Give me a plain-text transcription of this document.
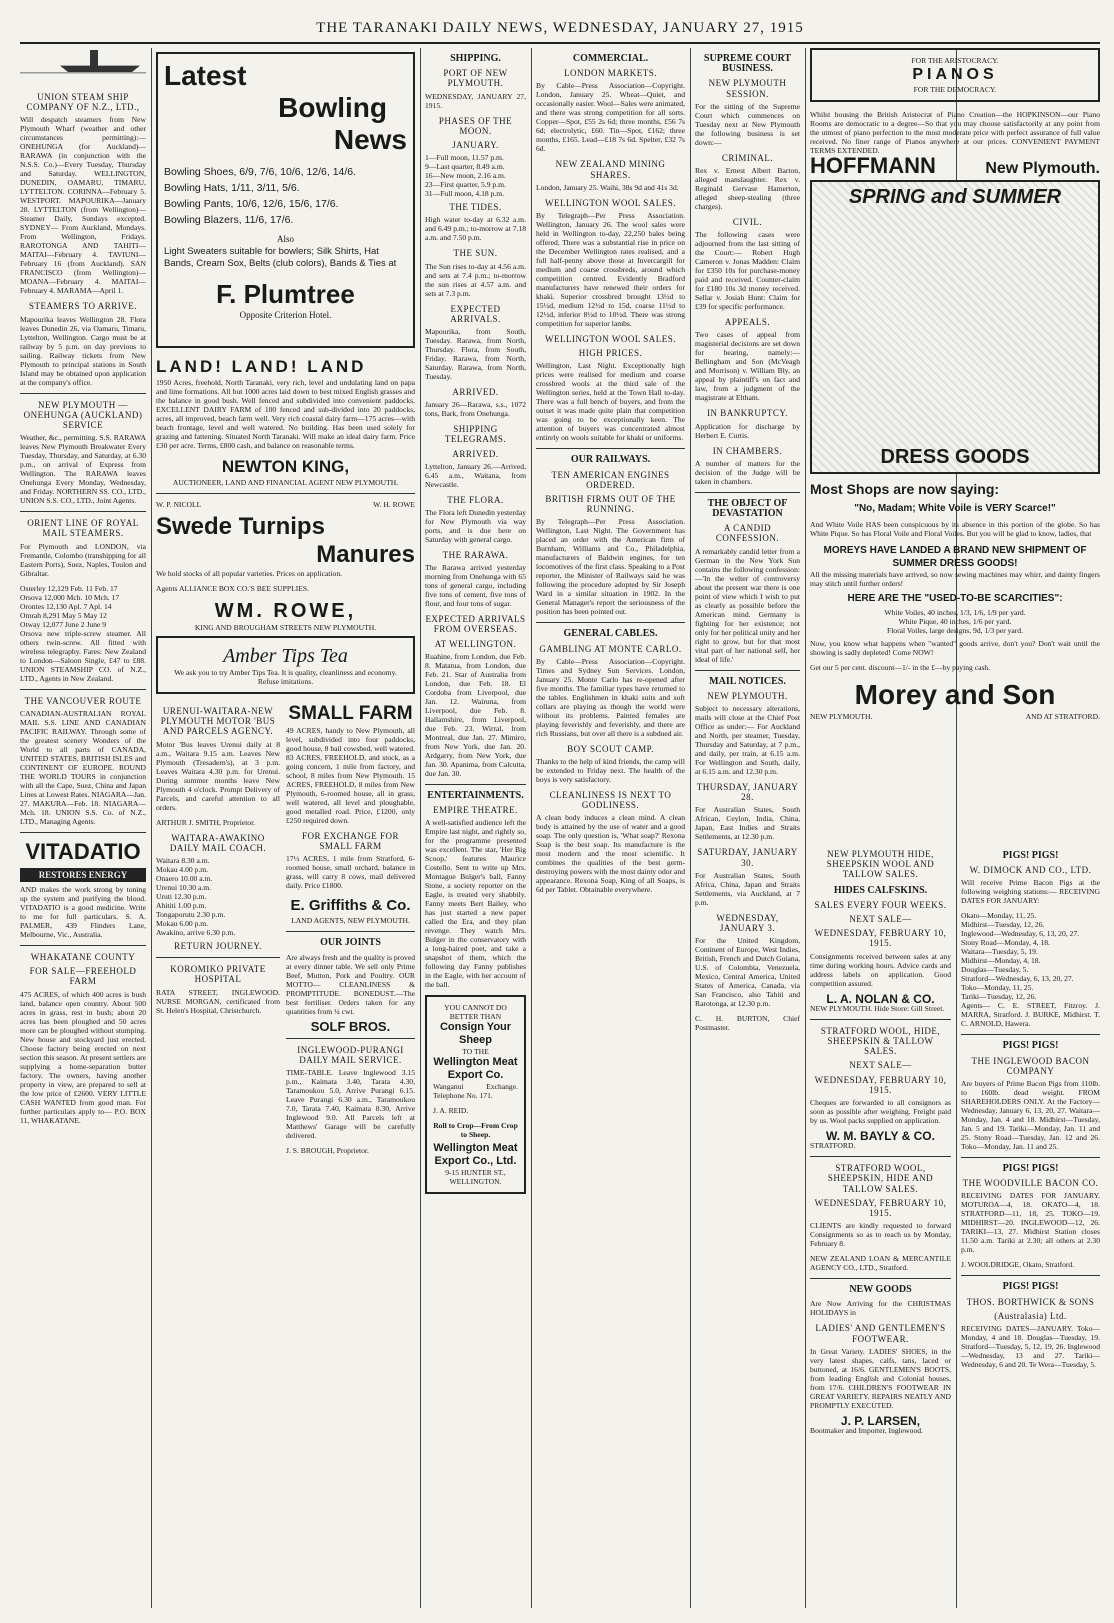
THE TARANAKI DAILY NEWS, WEDNESDAY, JANUARY 27, 1915
UNION STEAM SHIP COMPANY OF N.Z., LTD.,

Will despatch steamers from New Plymouth Wharf (weather and other circumstances permitting):— ONEHUNGA (for Auckland)— RARAWA (in conjunction with the N.S.S. Co.)—Every Tuesday, Thursday and Saturday. WELLINGTON, DUNEDIN, OAMARU, TIMARU, LYTTELTON. CORINNA—February 5. WESTPORT. MAPOURIKA—January 28. LYTTELTON (from Wellington)—Steamer Daily, Sundays excepted. SYDNEY— From Auckland, Mondays. From Wellington, Fridays. RAROTONGA AND TAHITI— MAITAI—February 4. TAVIUNI—February 16 (from Auckland). SAN FRANCISCO (from Wellington)— MOANA—February 4. MAITAI—February 4. MARAMA—April 1.

STEAMERS TO ARRIVE.

Mapourika leaves Wellington 28. Flora leaves Dunedin 26, via Oamaru, Timaru, Lyttelton, Wellington. Cargo must be at railway by 5 p.m. on day previous to sailing. Railway tickets from New Plymouth to principal stations in South Island may be obtained upon application at the company's office.

NEW PLYMOUTH — ONEHUNGA (AUCKLAND) SERVICE

Weather, &c., permitting. S.S. RARAWA leaves New Plymouth Breakwater Every Tuesday, Thursday, and Saturday, at 6.30 p.m., on arrival of Express from Wellington. The RARAWA leaves Onehunga Every Monday, Wednesday, and Friday. NORTHERN SS. CO., LTD., UNION S.S. CO., LTD., Joint Agents.

ORIENT LINE OF ROYAL MAIL STEAMERS.

For Plymouth and LONDON, via Fremantle, Colombo (transhipping for all Eastern Ports), Suez, Naples, Toulon and Gibraltar.

Osterley 12,129 Feb. 11 Feb. 17
Orsova 12,000 Mch. 10 Mch. 17
Orontes 12,130 Apl. 7 Apl. 14
Omrah 8,291 May 5 May 12
Otway 12,077 June 2 June 9

Orsova new triple-screw steamer. All others twin-screw. All fitted with wireless telegraphy. Fares: New Zealand to London—Saloon Single, £47 to £88. UNION STEAMSHIP CO. of N.Z., LTD., Agents in New Zealand.

THE VANCOUVER ROUTE

CANADIAN-AUSTRALIAN ROYAL MAIL S.S. LINE AND CANADIAN PACIFIC RAILWAY. Through some of the greatest scenery Wonders of the World to all parts of CANADA, UNITED STATES, BRITISH ISLES and CONTINENT OF EUROPE. ROUND THE WORLD TOURS in conjunction with all the Cape, Suez, China and Japan Lines at Lowest Rates. NIAGARA—Jan. 27. MAKURA—Feb. 18. NIAGARA—Mch. 18. UNION S.S. Co. of N.Z., LTD., Managing Agents.

VITADATIO
RESTORES ENERGY

AND makes the work strong by toning up the system and purifying the blood. VITADATIO is a good medicine. Write to me for full particulars. S. A. PALMER, 439 Flinders Lane, Melbourne, Vic., Australia.

WHAKATANE COUNTY
FOR SALE—FREEHOLD FARM

475 ACRES, of which 400 acres is bush land, balance open country. About 500 acres in grass, rest in bush; about 20 acres has been ploughed and 50 acres more can be ploughed without stumping. New house and stockyard just erected. Choose factory being erected on next section this season. At present settlers are supplying a home-separation butter factory. The owners, having another property in view, are prepared to sell at the low price of £2600. VERY LITTLE CASH WANTED from good man. For further particulars apply to— P.O. BOX 11, WHAKATANE.

Latest
Bowling
News
Bowling Shoes, 6/9, 7/6, 10/6, 12/6, 14/6.
Bowling Hats, 1/11, 3/11, 5/6.
Bowling Pants, 10/6, 12/6, 15/6, 17/6.
Bowling Blazers, 11/6, 17/6.
Also
Light Sweaters suitable for bowlers; Silk Shirts, Hat Bands, Cream Sox, Belts (club colors), Bands & Ties at
F. Plumtree
Opposite Criterion Hotel.
LAND! LAND! LAND

1950 Acres, freehold, North Taranaki, very rich, level and undulating land on papa and lime formations. All but 1000 acres laid down to best mixed English grasses and the balance in good bush. Well fenced and subdivided into convenient paddocks. EXCELLENT DAIRY FARM of 100 fenced and sub-divided into 20 paddocks, acres, all improved, beach farm well. Very rich coastal dairy farm—175 acres—with beach frontage, level and well watered. No building. Has been used solely for grazing and fattening. Situated North Taranaki. Will make an ideal dairy farm. Price £30 per acre. Terms, £800 cash, and balance on reasonable terms.

NEWTON KING,
AUCTIONEER, LAND AND FINANCIAL AGENT NEW PLYMOUTH.
W. P. NICOLL	W. H. ROWE
Swede Turnips
Manures

We hold stocks of all popular varieties. Prices on application.

Agents ALLIANCE BOX CO.'S BEE SUPPLIES.

WM. ROWE,
KING AND BROUGHAM STREETS NEW PLYMOUTH.
Amber Tips Tea
We ask you to try Amber Tips Tea. It is quality, cleanliness and economy. Refuse imitations.
URENUI-WAITARA-NEW PLYMOUTH MOTOR 'BUS AND PARCELS AGENCY.

Motor 'Bus leaves Urenui daily at 8 a.m., Waitara 9.15 a.m. Leaves New Plymouth (Tresadern's), at 3 p.m. Leaves Waitara 4.30 p.m. for Urenui. During summer months leave New Plymouth 4 o'clock. Prompt Delivery of Parcels, and careful attention to all orders.

ARTHUR J. SMITH, Proprietor.

WAITARA-AWAKINO DAILY MAIL COACH.
Waitara 8.30 a.m.
Mokau 4.00 p.m.
Onaero 10.00 a.m.
Urenui 10.30 a.m.
Uruti 12.30 p.m.
Ahititi 1.00 p.m.
Tongaporutu 2.30 p.m.
Mokau 6.00 p.m.
Awakino, arrive 6.30 p.m.
RETURN JOURNEY.
KOROMIKO PRIVATE HOSPITAL

RATA STREET, INGLEWOOD. NURSE MORGAN, certificated from St. Helen's Hospital, Christchurch.

SMALL FARM

49 ACRES, handy to New Plymouth, all level, subdivided into four paddocks, good house, 8 bail cowshed, well watered. 83 ACRES, FREEHOLD, and stock, as a going concern, 1 mile from factory, and school, 8 miles from New Plymouth. 15 ACRES, FREEHOLD, 8 miles from New Plymouth, 6-roomed house, all in grass, well watered, all level and ploughable, good metalled road. Price, £1200, only £250 required down.

FOR EXCHANGE FOR SMALL FARM

17½ ACRES, 1 mile from Stratford, 6-roomed house, small orchard, balance in grass, will carry 8 cows, mail delivered daily. Price £1800.

E. Griffiths & Co.
LAND AGENTS, NEW PLYMOUTH.
OUR JOINTS

Are always fresh and the quality is proved at every dinner table. We sell only Prime Beef, Mutton, Pork and Poultry. OUR MOTTO— CLEANLINESS & PROMPTITUDE. BONEDUST.—The best fertiliser. Orders taken for any quantities from ¼ cwt.

SOLF BROS.
INGLEWOOD-PURANGI DAILY MAIL SERVICE.

TIME-TABLE. Leave Inglewood 3.15 p.m., Kaimata 3.40, Tarata 4.30, Taramoukou 5.0, Arrive Purangi 6.15. Leave Purangi 6.30 a.m., Taramoukou 7.0, Tarata 7.40, Kaimata 8.30, Arrive Inglewood 9.0. All Parcels left at Matthews' Garage will be carefully delivered.

J. S. BROUGH, Proprietor.

SHIPPING.
PORT OF NEW PLYMOUTH.

WEDNESDAY, JANUARY 27, 1915.

PHASES OF THE MOON.
JANUARY.
1—Full moon, 11.57 p.m.
9—Last quarter, 8.49 a.m.
16—New moon, 2.16 a.m.
23—First quarter, 5.9 p.m.
31—Full moon, 4.18 p.m.
THE TIDES.

High water to-day at 6.32 a.m. and 6.49 p.m.; to-morrow at 7.18 a.m. and 7.50 p.m.

THE SUN.

The Sun rises to-day at 4.56 a.m. and sets at 7.4 p.m.; to-morrow the sun rises at 4.57 a.m. and sets at 7.3 p.m.

EXPECTED ARRIVALS.

Mapourika, from South, Tuesday. Rarawa, from North, Thursday. Flora, from South, Friday. Rarawa, from North, Saturday. Rarawa, from North, Tuesday.

ARRIVED.

January 26—Rarawa, s.s., 1072 tons, Bark, from Onehunga.

SHIPPING TELEGRAMS.
ARRIVED.

Lyttelton, January 26.—Arrived, 6.45 a.m., Waitana, from Newcastle.

THE FLORA.

The Flora left Dunedin yesterday for New Plymouth via way ports, and is due here on Saturday with general cargo.

THE RARAWA.

The Rarawa arrived yesterday morning from Onehunga with 65 tons of general cargo, including five tons of cement, five tons of flour, and four tons of sugar.

EXPECTED ARRIVALS FROM OVERSEAS.
AT WELLINGTON.

Ruahine, from London, due Feb. 8. Matatua, from London, due Feb. 21. Star of Australia from London, due Feb. 18. El Cordoba from Liverpool, due Jan. 12. Wairuna, from Liverpool, due Feb. 8. Hallamshire, from Liverpool, due Feb. 23. Wirral, from Montreal, due Jan. 27. Mimiro, from New York, due Jan. 20. Ardgarry, from New York, due Jan. 30. Apanima, from Calcutta, due Jan. 30.

ENTERTAINMENTS.
EMPIRE THEATRE.

A well-satisfied audience left the Empire last night, and rightly so, for the programme presented was excellent. The star, 'Her Big Scoop,' features Maurice Costello. Sent to write up Mrs. Montague Bulger's ball, Fanny Stone, a society reporter on the Eagle, is treated very shabbily. Fanny meets Bert Bailey, who has just started a new paper called the Era, and they plan revenge. They watch Mrs. Bulger in the conservatory with a long-haired poet, and take a snapshot of them, which the following day Fanny publishes in the Eagle, with her account of the ball.

YOU CANNOT DO BETTER THAN
Consign Your Sheep
TO THE
Wellington Meat Export Co.

Wanganui Exchange. Telephone No. 171.

J. A. REID.

Roll to Crop—From Crop to Sheep.
Wellington Meat Export Co., Ltd.
9-15 HUNTER ST., WELLINGTON.
COMMERCIAL.
LONDON MARKETS.

By Cable—Press Association—Copyright. London, January 25. Wheat—Quiet, and occasionally easier. Wool—Sales were animated, and there was strong competition for all sorts. Copper—Spot, £55 2s 6d; three months, £56 7s 6d; electrolytic, £60. Tin—Spot, £162; three months, £165. Lead—£18 7s 6d. Spelter, £32 7s 6d.

NEW ZEALAND MINING SHARES.

London, January 25. Waihi, 38s 9d and 41s 3d.

WELLINGTON WOOL SALES.

By Telegraph—Per Press Association. Wellington, January 26. The wool sales were held in Wellington to-day, 22,250 bales being offered. There was a substantial rise in price on the December Wellington rates realised, and a full half-penny above those at Invercargill for medium and coarse crossbreds, around which competition centred. Evidently Bradford manufacturers have renewed their orders for khaki. Superior crossbred brought 13½d to 15½d, medium 12½d to 15d, coarse 11½d to 12½d, inferior 8½d to 10½d. There was strong competition for superior lambs.

WELLINGTON WOOL SALES.
HIGH PRICES.

Wellington, Last Night. Exceptionally high prices were realised for medium and coarse crossbred wools at the third sale of the Wellington series, held at the Town Hall to-day. There was a full bench of buyers, and from the outset it was made quite plain that competition was going to be exceptionally keen. The attention of buyers was concentrated almost entirely on wools suitable for khaki or uniforms.

OUR RAILWAYS.
TEN AMERICAN ENGINES ORDERED.
BRITISH FIRMS OUT OF THE RUNNING.

By Telegraph—Per Press Association. Wellington, Last Night. The Government has placed an order with the American firm of Burnham, Williams and Co., Philadelphia, manufacturers of Baldwin engines, for ten locomotives of the first class. Speaking to a Post reporter, the Minister of Railways said he was following the procedure adopted by Sir Joseph Ward in a similar situation in 1902. In the General Manager's report the seriousness of the position has been pointed out.

GENERAL CABLES.
GAMBLING AT MONTE CARLO.

By Cable—Press Association—Copyright. Times and Sydney Sun Services. London, January 25. Monte Carlo has re-opened after five months. The familiar types have returned to the tables. Englishmen in khaki suits and soft collars are playing as though the world were without its problems. Painted females are playing feverishly and feverishly, and there are rich Russians, but over all there is a subdued air.

BOY SCOUT CAMP.

Thanks to the help of kind friends, the camp will be extended to Friday next. The health of the boys is very satisfactory.

CLEANLINESS IS NEXT TO GODLINESS.

A clean body induces a clean mind. A clean body is attained by the use of water and a good soap. The only question is, 'What soap?' Rexona Soap is the best soap. Its manufacture is the most modern and the most scientific. It combines the qualities of the best germ-destroying powers with the most dainty odor and appearance. Rexona Soap, King of all Soaps, is 6d per Tablet. Obtainable everywhere.

SUPREME COURT BUSINESS.
NEW PLYMOUTH SESSION.

For the sitting of the Supreme Court which commences on Tuesday next at New Plymouth the following business is set down:—

CRIMINAL.

Rex v. Ernest Albert Barton, alleged manslaughter. Rex v. Reginald Gervase Hamerton, alleged sheep-stealing (three charges).

CIVIL.

The following cases were adjourned from the last sitting of the Court:— Robert Hugh Cameron v. Jonas Madden: Claim for £350 10s for purchase-money paid and received. Counter-claim for £180 10s 3d money received. Sellar v. Josiah Hunt: Claim for £39 for specific performance.

APPEALS.

Two cases of appeal from magisterial decisions are set down for hearing, namely:— Bellingham and Son (McVeagh and Morrison) v. William Bly, an appeal by plaintiff's on fact and law, from a judgment of the magistrate at Eltham.

IN BANKRUPTCY.

Application for discharge by Herbert E. Curtis.

IN CHAMBERS.

A number of matters for the decision of the Judge will be taken in chambers.

THE OBJECT OF DEVASTATION
A CANDID CONFESSION.

A remarkably candid letter from a German in the New York Sun contains the following confession:—'In the welter of controversy about the present war there is one point of view which I wish to put as clearly as possible before the American mind. Germany is fighting for her existence; not only for her political unity and her right to grow, but for that most vital part of her national self, her ideal of life.'

MAIL NOTICES.
NEW PLYMOUTH.

Subject to necessary alterations, mails will close at the Chief Post Office as under:— For Auckland and North, per steamer, Tuesday, Thursday and Saturday, at 7 p.m., and daily, per train, at 6.15 a.m. For Wellington and South, daily, at 6.15 a.m. and 12.30 p.m.

THURSDAY, JANUARY 28.

For Australian States, South African, Ceylon, India, China, Japan, East Indies and Straits Settlements, at 12.30 p.m.

SATURDAY, JANUARY 30.

For Australian States, South Africa, China, Japan and Straits Settlements, via Auckland, at 7 p.m.

WEDNESDAY, JANUARY 3.

For the United Kingdom, Continent of Europe, West Indies, British, French and Dutch Guiana, U.S. of Colombia, Venezuela, Mexico, Central America, United States of America, Canada, via San Francisco, also Tahiti and Rarotonga, at 12.30 p.m.

C. H. BURTON, Chief Postmaster.

FOR THE ARISTOCRACY.
PIANOS
FOR THE DEMOCRACY.

Whilst housing the British Aristocrat of Piano Creation—the HOPKINSON—our Piano Rooms are democratic to a degree—So that you may choose satisfactorily at any point from the utmost of piano perfection to the most moderate price with perfect assurance of full value received. No finer range of Pianos anywhere at our prices. CONVENIENT PAYMENT TERMS EXTENDED.

HOFFMANN	New Plymouth.
SPRING and SUMMER
DRESS GOODS
Most Shops are now saying:
"No, Madam; White Voile is VERY Scarce!"

And White Voile HAS been conspicuous by its absence in this portion of the globe. So has White Pique. So has Floral Voile and Floral Voiles. But you will be glad to know, ladies, that

MOREYS HAVE LANDED A BRAND NEW SHIPMENT OF SUMMER DRESS GOODS!

All the missing materials have arrived, so now sewing machines may whirr, and dainty fingers may stitch until further orders!

HERE ARE THE "USED-TO-BE SCARCITIES":
White Voiles, 40 inches, 1/3, 1/6, 1/9 per yard.
White Pique, 40 inches, 1/6 per yard.
Floral Voiles, large designs, 9d, 1/3 per yard.

Now, you know what happens when "wanted" goods arrive, don't you? Don't wait until the showing is sadly depleted! Come NOW!

Get our 5 per cent. discount—1/- in the £—by paying cash.

Morey and Son
NEW PLYMOUTH.	AND AT STRATFORD.
NEW PLYMOUTH HIDE, SHEEPSKIN WOOL AND TALLOW SALES.
HIDES CALFSKINS.
SALES EVERY FOUR WEEKS.
NEXT SALE—
WEDNESDAY, FEBRUARY 10, 1915.

Consignments received between sales at any time during working hours. Advice cards and address labels on application. Good competition assured.

L. A. NOLAN & CO.

NEW PLYMOUTH. Hide Store: Gill Street.

STRATFORD WOOL, HIDE, SHEEPSKIN & TALLOW SALES.
NEXT SALE—
WEDNESDAY, FEBRUARY 10, 1915.

Cheques are forwarded to all consignors as soon as possible after weighing. Freight paid by us. Wool packs supplied on application.

W. M. BAYLY & CO.

STRATFORD.

STRATFORD WOOL, SHEEPSKIN, HIDE AND TALLOW SALES.
WEDNESDAY, FEBRUARY 10, 1915.

CLIENTS are kindly requested to forward Consignments so as to reach us by Monday, February 8.

NEW ZEALAND LOAN & MERCANTILE AGENCY CO., LTD., Stratford.

NEW GOODS

Are Now Arriving for the CHRISTMAS HOLIDAYS in

LADIES' AND GENTLEMEN'S FOOTWEAR.

In Great Variety. LADIES' SHOES, in the very latest shapes, calfs, tans, laced or buttoned, at 16/6. GENTLEMEN'S BOOTS, from leading English and Colonial houses, from 17/6. CHILDREN'S FOOTWEAR IN GREAT VARIETY. REPAIRS NEATLY AND PROMPTLY EXECUTED.

J. P. LARSEN,

Bootmaker and Importer, Inglewood.

PIGS! PIGS!
W. DIMOCK AND CO., LTD.

Will receive Prime Bacon Pigs at the following weighing stations:— RECEIVING DATES FOR JANUARY:

Okato—Monday, 11, 25.
Midhirst—Tuesday, 12, 26.
Inglewood—Wednesday, 6, 13, 20, 27.
Stony Road—Monday, 4, 18.
Waitara—Tuesday, 5, 19.
Midhirst—Monday, 4, 18.
Douglas—Tuesday, 5.
Stratford—Wednesday, 6, 13, 20, 27.
Toko—Monday, 11, 25.
Tariki—Tuesday, 12, 26.

Agents— C. E. STREET, Fitzroy. J. MARRA, Stratford. J. BURKE, Midhirst. T. C. ARNOLD, Hawera.

PIGS! PIGS!
THE INGLEWOOD BACON COMPANY

Are buyers of Prime Bacon Pigs from 110lb. to 160lb. dead weight. FROM SHAREHOLDERS ONLY. At the Factory—Wednesday, January 6, 13, 20, 27. Waitara—Monday, Jan. 4 and 18. Midhirst—Tuesday, Jan. 5 and 19. Tariki—Monday, Jan. 11 and 25. Stony Road—Tuesday, Jan. 12 and 26. Toko—Monday, Jan. 11 and 25.

PIGS! PIGS!
THE WOODVILLE BACON CO.

RECEIVING DATES FOR JANUARY. MOTUROA—4, 18. OKATO—4, 18. STRATFORD—11, 18, 25. TOKO—19. MIDHIRST—20. INGLEWOOD—12, 26. TARIKI—13, 27. Midhirst Station closes 11.50 a.m. Tariki at 2.30; all others at 2.30 p.m.

J. WOOLDRIDGE, Okato, Stratford.

PIGS! PIGS!
THOS. BORTHWICK & SONS
(Australasia) Ltd.

RECEIVING DATES—JANUARY. Toko—Monday, 4 and 18. Douglas—Tuesday, 19. Stratford—Tuesday, 5, 12, 19, 26. Inglewood—Wednesday, 13 and 27. Tariki—Wednesday, 6 and 20. Te Wera—Tuesday, 5.
